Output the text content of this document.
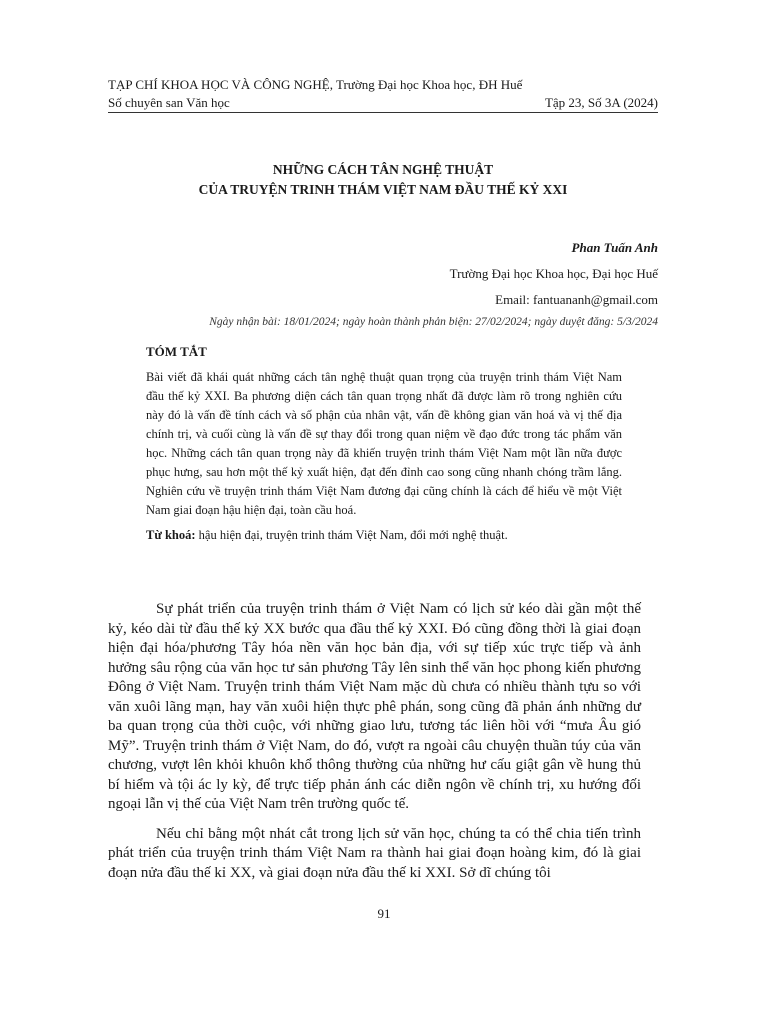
TẠP CHÍ KHOA HỌC VÀ CÔNG NGHỆ, Trường Đại học Khoa học, ĐH Huế
Số chuyên san Văn học	Tập 23, Số 3A (2024)
NHỮNG CÁCH TÂN NGHỆ THUẬT
CỦA TRUYỆN TRINH THÁM VIỆT NAM ĐẦU THẾ KỶ XXI
Phan Tuấn Anh
Trường Đại học Khoa học, Đại học Huế
Email: fantuananh@gmail.com
Ngày nhận bài: 18/01/2024; ngày hoàn thành phản biện: 27/02/2024; ngày duyệt đăng: 5/3/2024
TÓM TẮT
Bài viết đã khái quát những cách tân nghệ thuật quan trọng của truyện trinh thám Việt Nam đầu thế kỷ XXI. Ba phương diện cách tân quan trọng nhất đã được làm rõ trong nghiên cứu này đó là vấn đề tính cách và số phận của nhân vật, vấn đề không gian văn hoá và vị thế địa chính trị, và cuối cùng là vấn đề sự thay đổi trong quan niệm về đạo đức trong tác phẩm văn học. Những cách tân quan trọng này đã khiến truyện trinh thám Việt Nam một lần nữa được phục hưng, sau hơn một thế kỷ xuất hiện, đạt đến đỉnh cao song cũng nhanh chóng trầm lắng. Nghiên cứu về truyện trinh thám Việt Nam đương đại cũng chính là cách để hiểu về một Việt Nam giai đoạn hậu hiện đại, toàn cầu hoá.
Từ khoá: hậu hiện đại, truyện trinh thám Việt Nam, đổi mới nghệ thuật.

Sự phát triển của truyện trinh thám ở Việt Nam có lịch sử kéo dài gần một thế kỷ, kéo dài từ đầu thế kỷ XX bước qua đầu thế kỷ XXI. Đó cũng đồng thời là giai đoạn hiện đại hóa/phương Tây hóa nền văn học bản địa, với sự tiếp xúc trực tiếp và ảnh hưởng sâu rộng của văn học tư sản phương Tây lên sinh thể văn học phong kiến phương Đông ở Việt Nam. Truyện trinh thám Việt Nam mặc dù chưa có nhiều thành tựu so với văn xuôi lãng mạn, hay văn xuôi hiện thực phê phán, song cũng đã phản ánh những dư ba quan trọng của thời cuộc, với những giao lưu, tương tác liên hồi với “mưa Âu gió Mỹ”. Truyện trinh thám ở Việt Nam, do đó, vượt ra ngoài câu chuyện thuần túy của văn chương, vượt lên khỏi khuôn khổ thông thường của những hư cấu giật gân về hung thủ bí hiểm và tội ác ly kỳ, để trực tiếp phản ánh các diễn ngôn về chính trị, xu hướng đối ngoại lẫn vị thế của Việt Nam trên trường quốc tế.

Nếu chỉ bằng một nhát cắt trong lịch sử văn học, chúng ta có thể chia tiến trình phát triển của truyện trinh thám Việt Nam ra thành hai giai đoạn hoàng kim, đó là giai đoạn nửa đầu thế kỉ XX, và giai đoạn nửa đầu thế kỉ XXI. Sở dĩ chúng tôi

91
